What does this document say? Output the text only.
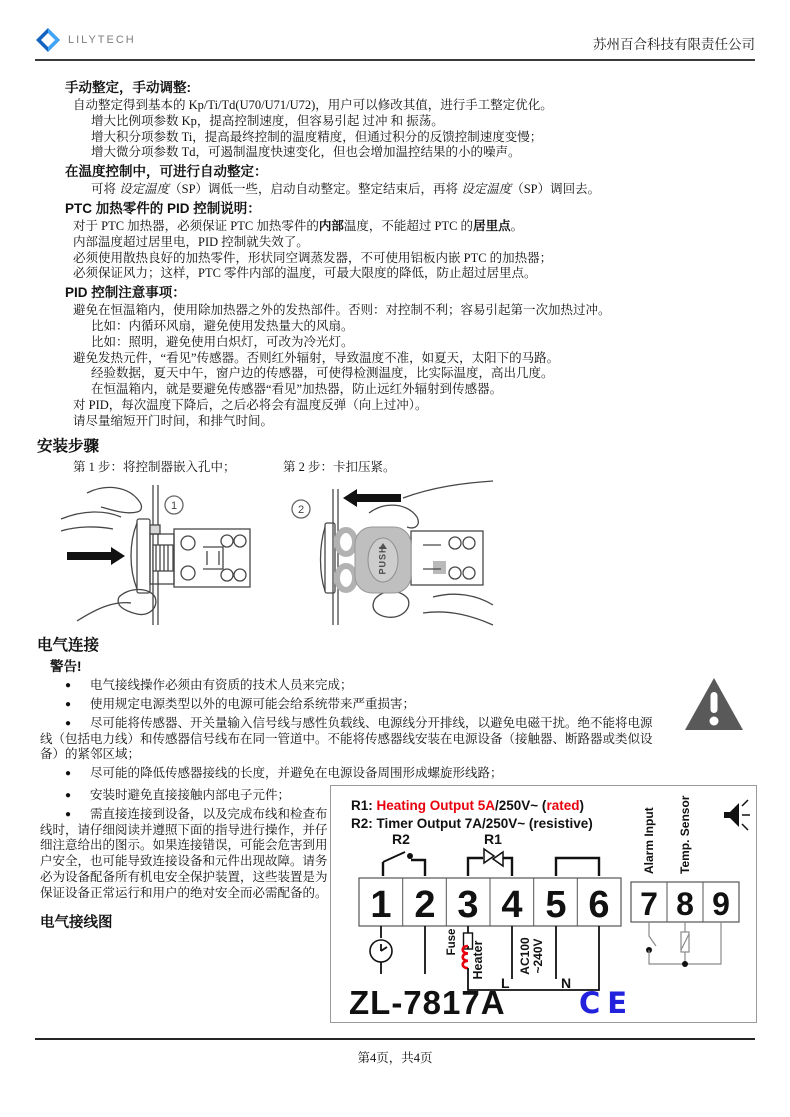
LILYTECH	苏州百合科技有限责任公司

手动整定，手动调整:

自动整定得到基本的 Kp/Ti/Td(U70/U71/U72)，用户可以修改其值，进行手工整定优化。

增大比例项参数 Kp，提高控制速度，但容易引起 过冲 和 振荡。

增大积分项参数 Ti，提高最终控制的温度精度，但通过积分的反馈控制速度变慢；

增大微分项参数 Td，可遏制温度快速变化，但也会增加温控结果的小的噪声。

在温度控制中，可进行自动整定：

可将 设定温度（SP）调低一些，启动自动整定。整定结束后，再将 设定温度（SP）调回去。

PTC 加热零件的 PID 控制说明：

对于 PTC 加热器，必须保证 PTC 加热零件的内部温度，不能超过 PTC 的居里点。

内部温度超过居里电，PID 控制就失效了。

必须使用散热良好的加热零件，形状同空调蒸发器，不可使用铝板内嵌 PTC 的加热器；

必须保证风力；这样，PTC 零件内部的温度，可最大限度的降低，防止超过居里点。

PID 控制注意事项：

避免在恒温箱内，使用除加热器之外的发热部件。否则：对控制不利；容易引起第一次加热过冲。

比如：内循环风扇，避免使用发热量大的风扇。

比如：照明，避免使用白炽灯，可改为冷光灯。

避免发热元件，“看见”传感器。否则红外辐射，导致温度不准，如夏天，太阳下的马路。

经验数据，夏天中午，窗户边的传感器，可使得检测温度，比实际温度，高出几度。

在恒温箱内，就是要避免传感器“看见”加热器，防止远红外辐射到传感器。

对 PID，每次温度下降后，之后必将会有温度反弹（向上过冲）。

请尽量缩短开门时间，和排气时间。

安装步骤

第 1 步：将控制器嵌入孔中；	第 2 步：卡扣压紧。
1
PUSH
2

电气连接

警告!

● 电气接线操作必须由有资质的技术人员来完成；

● 使用规定电源类型以外的电源可能会给系统带来严重损害；

● 尽可能将传感器、开关量输入信号线与感性负载线、电源线分开排线，以避免电磁干扰。绝不能将电源线（包括电力线）和传感器信号线布在同一管道中。不能将传感器线安装在电源设备（接触器、断路器或类似设备）的紧邻区域；

● 尽可能的降低传感器接线的长度，并避免在电源设备周围形成螺旋形线路；

● 安装时避免直接接触内部电子元件；

● 需直接连接到设备，以及完成布线和检查布线时，请仔细阅读并遵照下面的指导进行操作，并仔细注意给出的图示。如果连接错误，可能会危害到用户安全，也可能导致连接设备和元件出现故障。请务必为设备配备所有机电安全保护装置，这些装置是为保证设备正常运行和用户的绝对安全而必需配备的。

电气接线图

R1: Heating Output 5A/250V~ (rated)
R2: Timer Output 7A/250V~ (resistive)
R2	R1
1 2 3 4 5 6
Fuse Heater
L	N
AC100 ~240V
7 8 9
Alarm Input Temp. Sensor
ZL-7817A	CE
第4页，共4页
